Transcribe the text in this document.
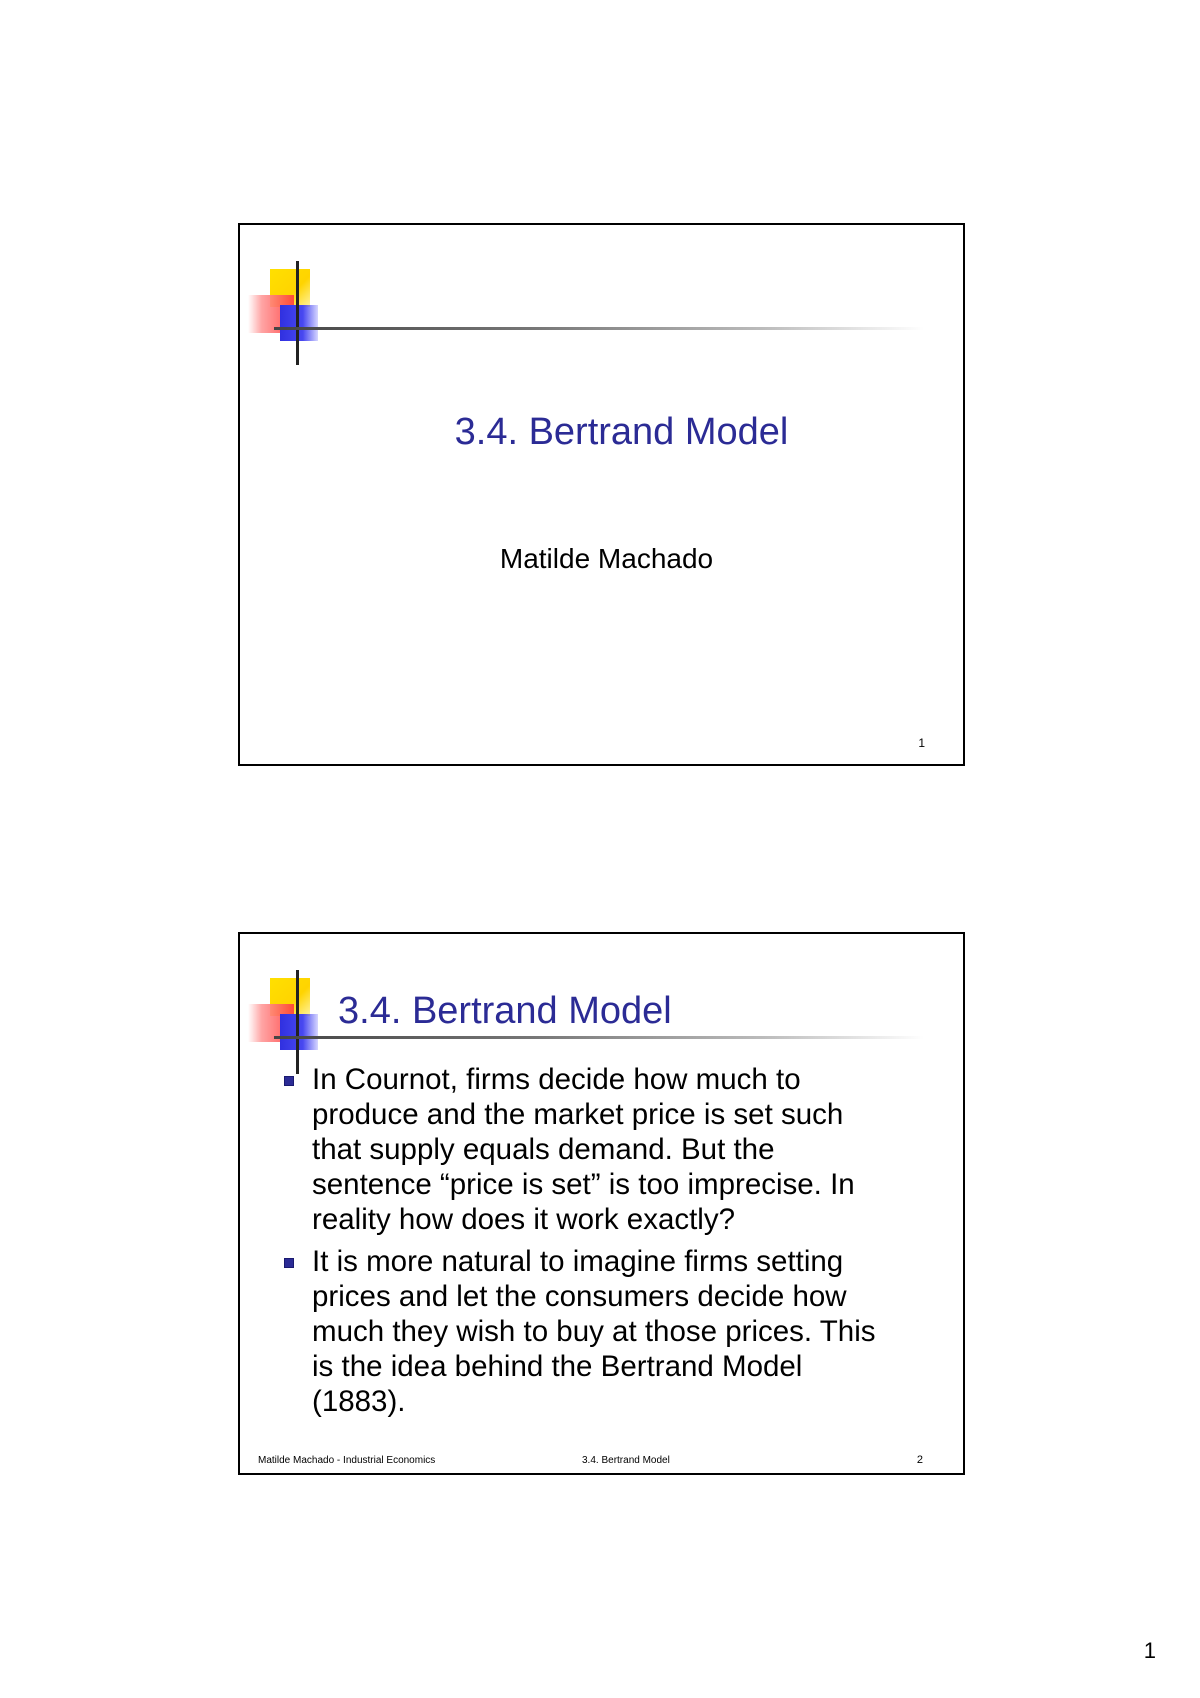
3.4. Bertrand Model
Matilde Machado
1
3.4. Bertrand Model
In Cournot, firms decide how much to
produce and the market price is set such
that supply equals demand. But the
sentence “price is set” is too imprecise. In
reality how does it work exactly?
It is more natural to imagine firms setting
prices and let the consumers decide how
much they wish to buy at those prices. This
is the idea behind the Bertrand Model
(1883).
Matilde Machado - Industrial Economics	3.4. Bertrand Model	2
1
